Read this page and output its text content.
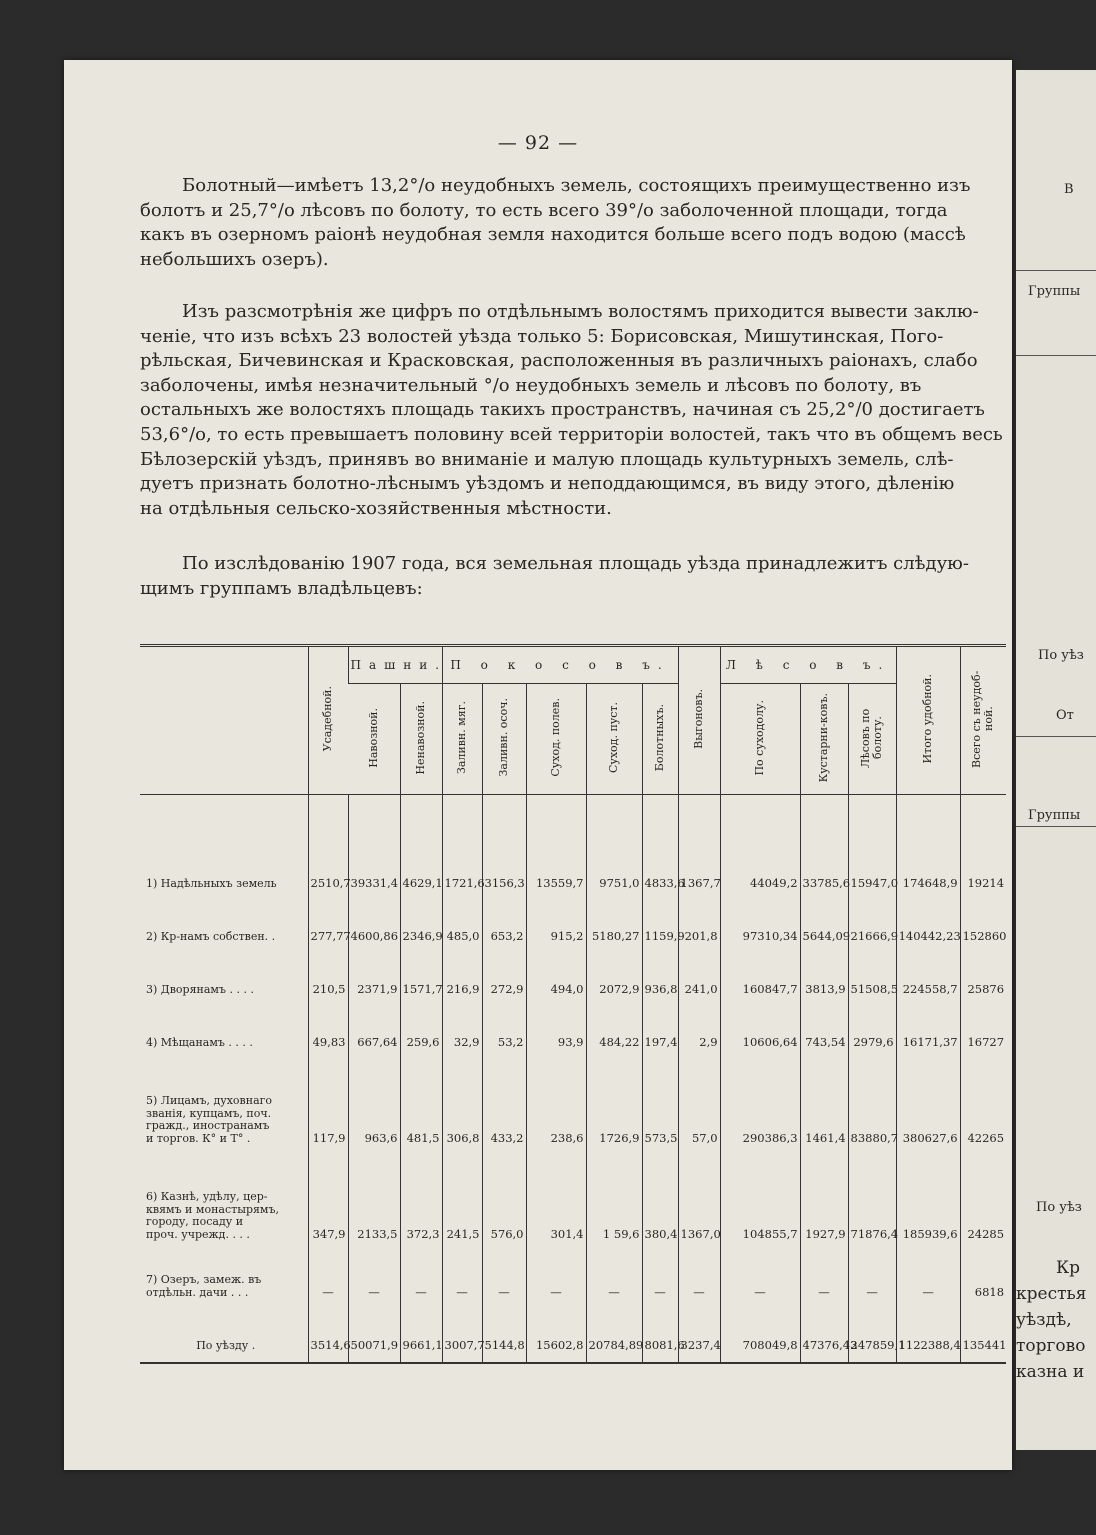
— 92 —
Болотный—имѣетъ 13,2°/о неудобныхъ земель, состоящихъ преимущественно изъ
болотъ и 25,7°/о лѣсовъ по болоту, то есть всего 39°/о заболоченной площади, тогда
какъ въ озерномъ раіонѣ неудобная земля находится больше всего подъ водою (массѣ
небольшихъ озеръ).
Изъ разсмотрѣнія же цифръ по отдѣльнымъ волостямъ приходится вывести заклю-
ченіе, что изъ всѣхъ 23 волостей уѣзда только 5: Борисовская, Мишутинская, Пого-
рѣльская, Бичевинская и Красковская, расположенныя въ различныхъ раіонахъ, слабо
заболочены, имѣя незначительный °/о неудобныхъ земель и лѣсовъ по болоту, въ
остальныхъ же волостяхъ площадь такихъ пространствъ, начиная съ 25,2°/0 достигаетъ
53,6°/о, то есть превышаетъ половину всей территоріи волостей, такъ что въ общемъ весь
Бѣлозерскій уѣздъ, принявъ во вниманіе и малую площадь культурныхъ земель, слѣ-
дуетъ признать болотно-лѣснымъ уѣздомъ и неподдающимся, въ виду этого, дѣленію
на отдѣльныя сельско-хозяйственныя мѣстности.
По изслѣдованію 1907 года, вся земельная площадь уѣзда принадлежитъ слѣдую-
щимъ группамъ владѣльцевъ:
	Усадебной.	Пашни.		П о к о с о в ъ.					Выгоновъ.	Л ѣ с о в ъ.			Итого удобной.	Всего съ неудоб-ной.
		Навозной.	Ненавозной.	Заливн. мяг.	Заливн. осоч.	Суход. полев.	Суход. пуст.	Болотныхъ.		По суходолу.	Кустарни-ковъ.	Лѣсовъ по болоту.		

1) Надѣльныхъ земель	2510,7	39331,4	4629,1	1721,6	3156,3	13559,7	9751,0	4833,6	1367,7	44049,2	33785,6	15947,0	174648,9	19214

2) Кр-намъ собствен. .	277,77	4600,86	2346,9	485,0	653,2	915,2	5180,27	1159,9	201,8	97310,34	5644,09	21666,9	140442,23	152860

3) Дворянамъ . . . .	210,5	2371,9	1571,7	216,9	272,9	494,0	2072,9	936,8	241,0	160847,7	3813,9	51508,5	224558,7	25876

4) Мѣщанамъ . . . .	49,83	667,64	259,6	32,9	53,2	93,9	484,22	197,4	2,9	10606,64	743,54	2979,6	16171,37	16727

5) Лицамъ, духовнаго
званія, купцамъ, поч.
гражд., иностранамъ
и торгов. К° и Т° .	117,9	963,6	481,5	306,8	433,2	238,6	1726,9	573,5	57,0	290386,3	1461,4	83880,7	380627,6	42265

6) Казнѣ, удѣлу, цер-
квямъ и монастырямъ,
городу, посаду и
проч. учрежд. . . .	347,9	2133,5	372,3	241,5	576,0	301,4	1 59,6	380,4	1367,0	104855,7	1927,9	71876,4	185939,6	24285

7) Озеръ, замеж. въ
отдѣльн. дачи . . .	—	—	—	—	—	—	—	—	—	—	—	—	—	6818

По уѣзду .	3514,6	50071,9	9661,1	3007,7	5144,8	15602,8	20784,89	8081,6	3237,4	708049,8	47376,43	247859,1	1122388,4	135441
В
Группы
По уѣз
От
Группы
По уѣз
Кр
крестья
уѣздѣ,
торгово
казна и
